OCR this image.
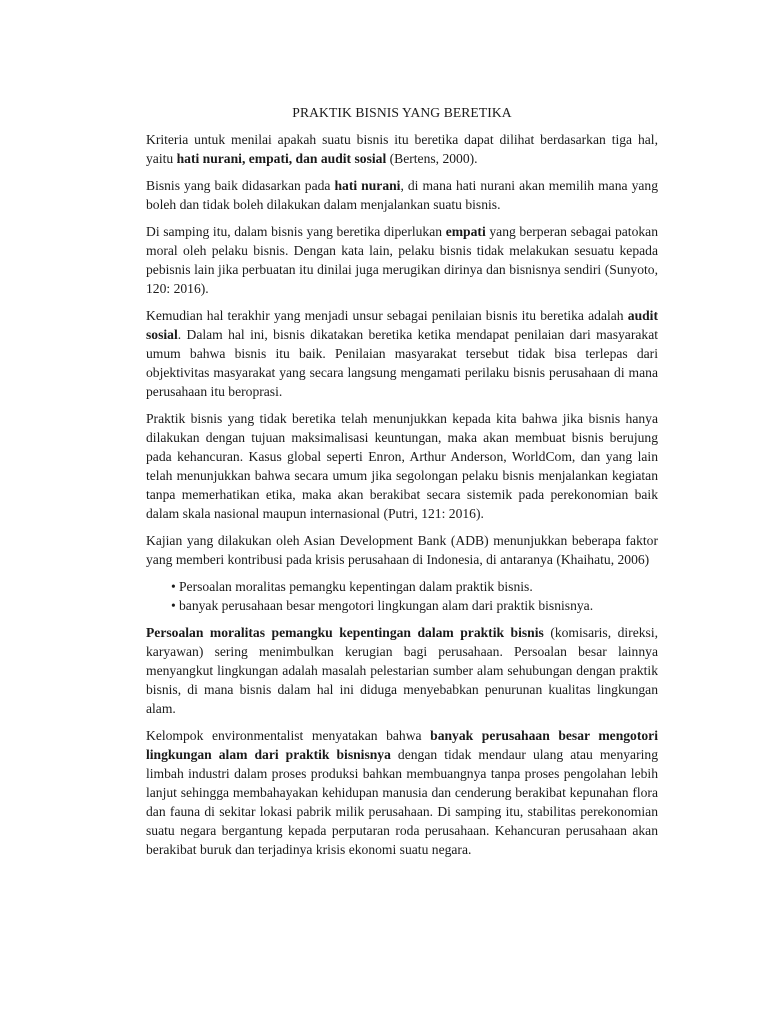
PRAKTIK BISNIS YANG BERETIKA

Kriteria untuk menilai apakah suatu bisnis itu beretika dapat dilihat berdasarkan tiga hal, yaitu hati nurani, empati, dan audit sosial (Bertens, 2000).

Bisnis yang baik didasarkan pada hati nurani, di mana hati nurani akan memilih mana yang boleh dan tidak boleh dilakukan dalam menjalankan suatu bisnis.

Di samping itu, dalam bisnis yang beretika diperlukan empati yang berperan sebagai patokan moral oleh pelaku bisnis. Dengan kata lain, pelaku bisnis tidak melakukan sesuatu kepada pebisnis lain jika perbuatan itu dinilai juga merugikan dirinya dan bisnisnya sendiri (Sunyoto, 120: 2016).

Kemudian hal terakhir yang menjadi unsur sebagai penilaian bisnis itu beretika adalah audit sosial. Dalam hal ini, bisnis dikatakan beretika ketika mendapat penilaian dari masyarakat umum bahwa bisnis itu baik. Penilaian masyarakat tersebut tidak bisa terlepas dari objektivitas masyarakat yang secara langsung mengamati perilaku bisnis perusahaan di mana perusahaan itu beroprasi.

Praktik bisnis yang tidak beretika telah menunjukkan kepada kita bahwa jika bisnis hanya dilakukan dengan tujuan maksimalisasi keuntungan, maka akan membuat bisnis berujung pada kehancuran. Kasus global seperti Enron, Arthur Anderson, WorldCom, dan yang lain telah menunjukkan bahwa secara umum jika segolongan pelaku bisnis menjalankan kegiatan tanpa memerhatikan etika, maka akan berakibat secara sistemik pada perekonomian baik dalam skala nasional maupun internasional (Putri, 121: 2016).

Kajian yang dilakukan oleh Asian Development Bank (ADB) menunjukkan beberapa faktor yang memberi kontribusi pada krisis perusahaan di Indonesia, di antaranya (Khaihatu, 2006)

Persoalan moralitas pemangku kepentingan dalam praktik bisnis.
banyak perusahaan besar mengotori lingkungan alam dari praktik bisnisnya.

Persoalan moralitas pemangku kepentingan dalam praktik bisnis (komisaris, direksi, karyawan) sering menimbulkan kerugian bagi perusahaan. Persoalan besar lainnya menyangkut lingkungan adalah masalah pelestarian sumber alam sehubungan dengan praktik bisnis, di mana bisnis dalam hal ini diduga menyebabkan penurunan kualitas lingkungan alam.

Kelompok environmentalist menyatakan bahwa banyak perusahaan besar mengotori lingkungan alam dari praktik bisnisnya dengan tidak mendaur ulang atau menyaring limbah industri dalam proses produksi bahkan membuangnya tanpa proses pengolahan lebih lanjut sehingga membahayakan kehidupan manusia dan cenderung berakibat kepunahan flora dan fauna di sekitar lokasi pabrik milik perusahaan. Di samping itu, stabilitas perekonomian suatu negara bergantung kepada perputaran roda perusahaan. Kehancuran perusahaan akan berakibat buruk dan terjadinya krisis ekonomi suatu negara.
